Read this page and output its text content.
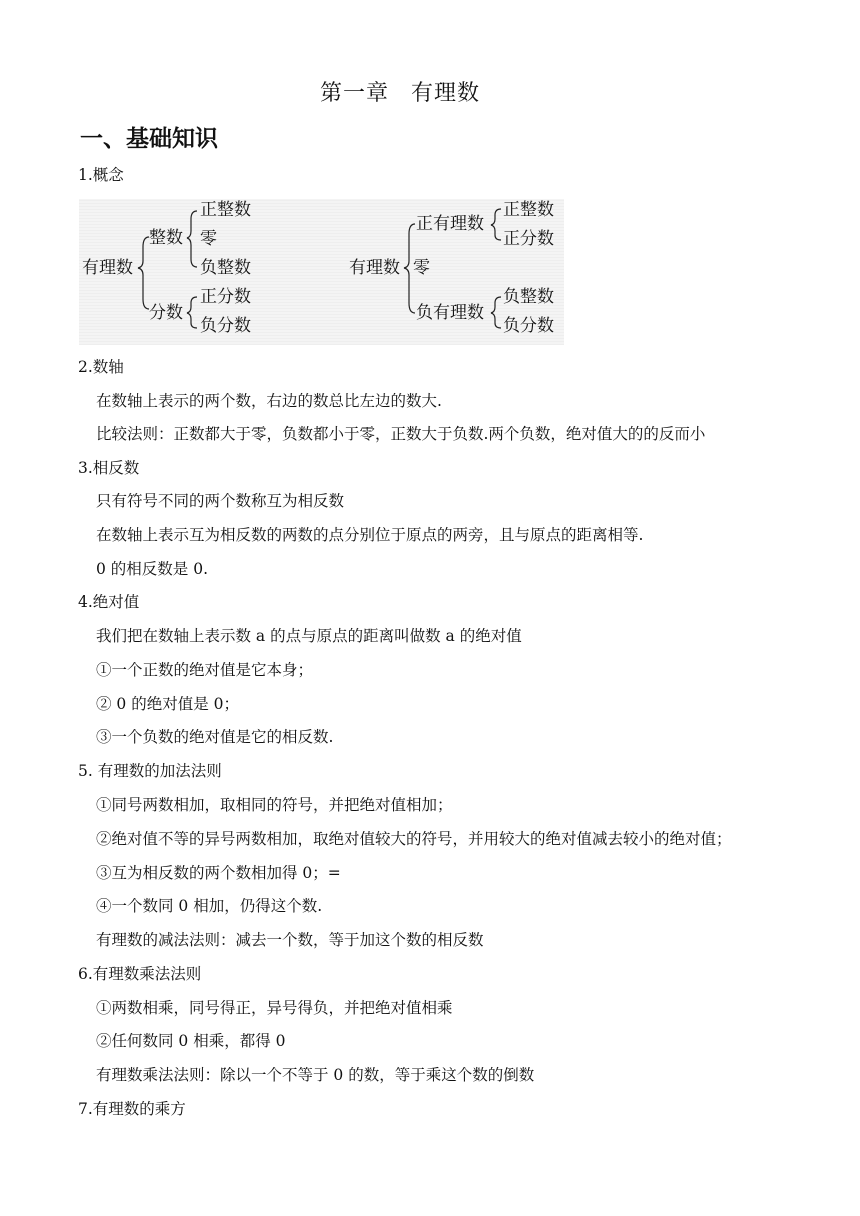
第一章 有理数
一、基础知识
1.概念
有理数
整数
正整数
零
负整数
分数
正分数
负分数
有理数
正有理数
正整数
正分数
零
负有理数
负整数
负分数
2.数轴
在数轴上表示的两个数，右边的数总比左边的数大.
比较法则：正数都大于零，负数都小于零，正数大于负数.两个负数，绝对值大的的反而小
3.相反数
只有符号不同的两个数称互为相反数
在数轴上表示互为相反数的两数的点分别位于原点的两旁，且与原点的距离相等.
0 的相反数是 0.
4.绝对值
我们把在数轴上表示数 a 的点与原点的距离叫做数 a 的绝对值
①一个正数的绝对值是它本身；
② 0 的绝对值是 0；
③一个负数的绝对值是它的相反数.
5. 有理数的加法法则
①同号两数相加，取相同的符号，并把绝对值相加；
②绝对值不等的异号两数相加，取绝对值较大的符号，并用较大的绝对值减去较小的绝对值；
③互为相反数的两个数相加得 0；=
④一个数同 0 相加，仍得这个数.
有理数的减法法则：减去一个数，等于加这个数的相反数
6.有理数乘法法则
①两数相乘，同号得正，异号得负，并把绝对值相乘
②任何数同 0 相乘，都得 0
有理数乘法法则：除以一个不等于 0 的数，等于乘这个数的倒数
7.有理数的乘方
